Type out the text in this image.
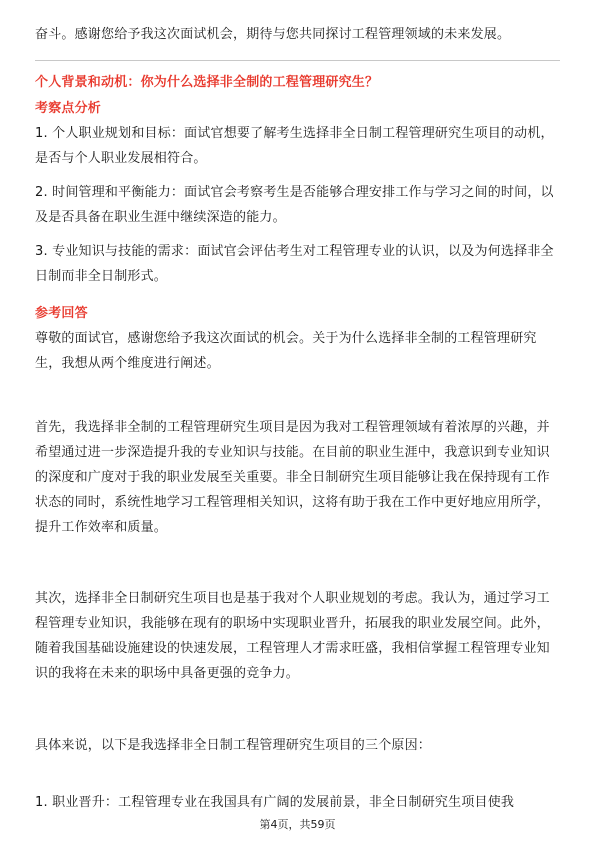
奋斗。感谢您给予我这次面试机会，期待与您共同探讨工程管理领域的未来发展。

个人背景和动机：你为什么选择非全制的工程管理研究生？

考察点分析

1. 个人职业规划和目标：面试官想要了解考生选择非全日制工程管理研究生项目的动机，是否与个人职业发展相符合。

2. 时间管理和平衡能力：面试官会考察考生是否能够合理安排工作与学习之间的时间，以及是否具备在职业生涯中继续深造的能力。

3. 专业知识与技能的需求：面试官会评估考生对工程管理专业的认识，以及为何选择非全日制而非全日制形式。

参考回答

尊敬的面试官，感谢您给予我这次面试的机会。关于为什么选择非全制的工程管理研究生，我想从两个维度进行阐述。

首先，我选择非全制的工程管理研究生项目是因为我对工程管理领域有着浓厚的兴趣，并希望通过进一步深造提升我的专业知识与技能。在目前的职业生涯中，我意识到专业知识的深度和广度对于我的职业发展至关重要。非全日制研究生项目能够让我在保持现有工作状态的同时，系统性地学习工程管理相关知识，这将有助于我在工作中更好地应用所学，提升工作效率和质量。

其次，选择非全日制研究生项目也是基于我对个人职业规划的考虑。我认为，通过学习工程管理专业知识，我能够在现有的职场中实现职业晋升，拓展我的职业发展空间。此外，随着我国基础设施建设的快速发展，工程管理人才需求旺盛，我相信掌握工程管理专业知识的我将在未来的职场中具备更强的竞争力。

具体来说，以下是我选择非全日制工程管理研究生项目的三个原因：

1. 职业晋升：工程管理专业在我国具有广阔的发展前景，非全日制研究生项目使我

第4页，共59页
